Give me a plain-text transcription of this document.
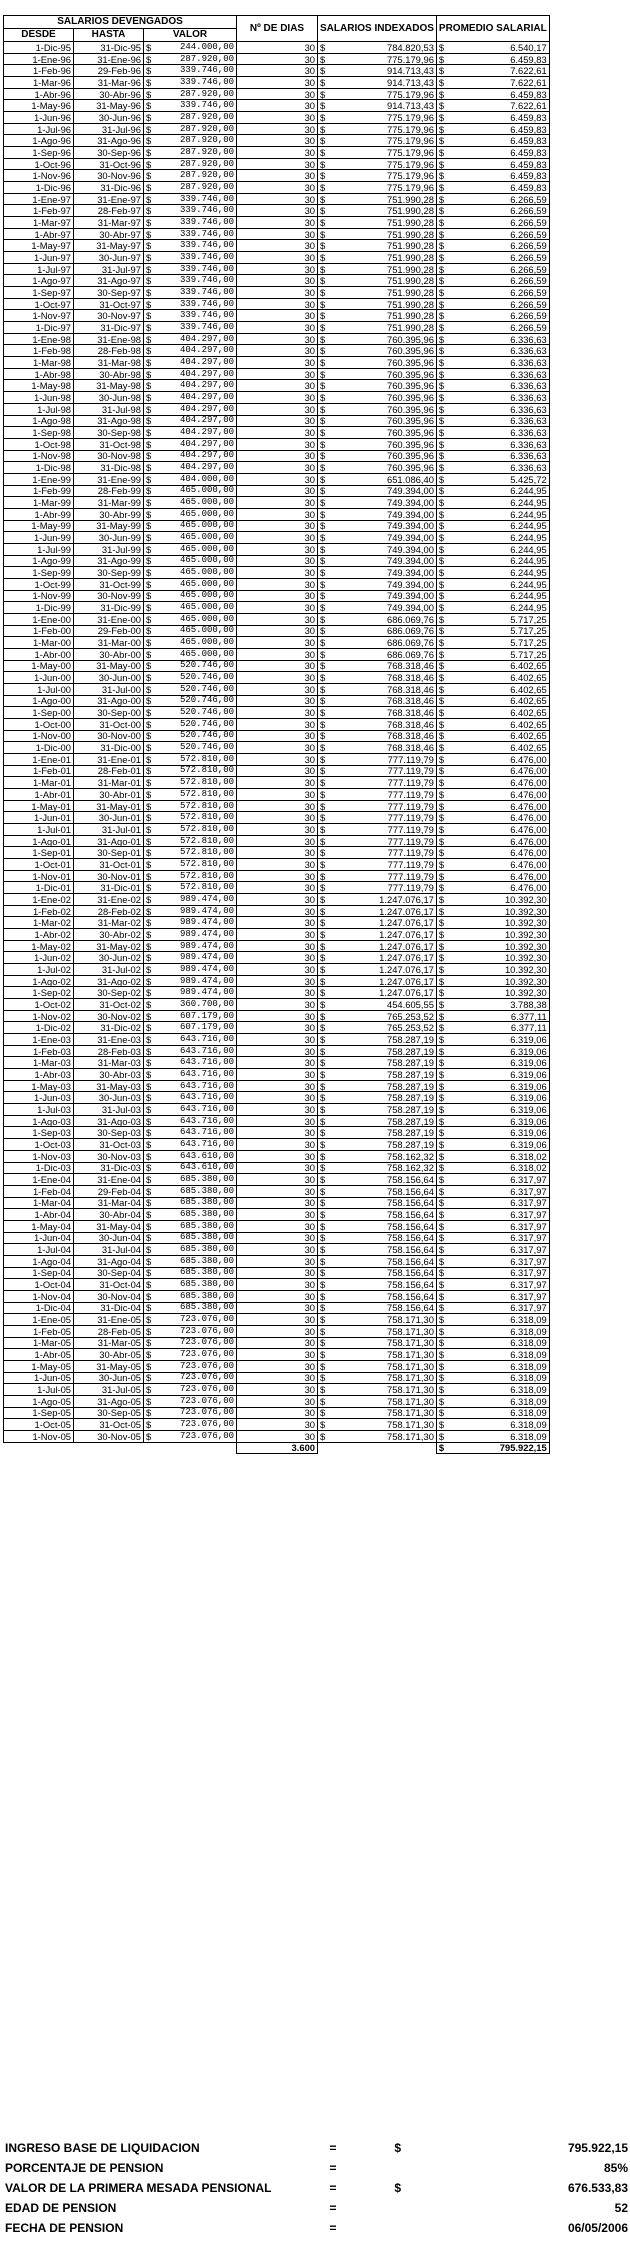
SALARIOS DEVENGADOS			Nº DE DIAS	SALARIOS INDEXADOS	PROMEDIO SALARIAL
DESDE	HASTA	VALOR			
1-Dic-95	31-Dic-95	$ 244.000,00	30	$ 784.820,53	$ 6.540,17

1-Ene-96	31-Ene-96	$ 287.920,00	30	$ 775.179,96	$ 6.459,83

1-Feb-96	29-Feb-96	$ 339.746,00	30	$ 914.713,43	$ 7.622,61

1-Mar-96	31-Mar-96	$ 339.746,00	30	$ 914.713,43	$ 7.622,61

1-Abr-96	30-Abr-96	$ 287.920,00	30	$ 775.179,96	$ 6.459,83

1-May-96	31-May-96	$ 339.746,00	30	$ 914.713,43	$ 7.622,61

1-Jun-96	30-Jun-96	$ 287.920,00	30	$ 775.179,96	$ 6.459,83

1-Jul-96	31-Jul-96	$ 287.920,00	30	$ 775.179,96	$ 6.459,83

1-Ago-96	31-Ago-96	$ 287.920,00	30	$ 775.179,96	$ 6.459,83

1-Sep-96	30-Sep-96	$ 287.920,00	30	$ 775.179,96	$ 6.459,83

1-Oct-96	31-Oct-96	$ 287.920,00	30	$ 775.179,96	$ 6.459,83

1-Nov-96	30-Nov-96	$ 287.920,00	30	$ 775.179,96	$ 6.459,83

1-Dic-96	31-Dic-96	$ 287.920,00	30	$ 775.179,96	$ 6.459,83

1-Ene-97	31-Ene-97	$ 339.746,00	30	$ 751.990,28	$ 6.266,59

1-Feb-97	28-Feb-97	$ 339.746,00	30	$ 751.990,28	$ 6.266,59

1-Mar-97	31-Mar-97	$ 339.746,00	30	$ 751.990,28	$ 6.266,59

1-Abr-97	30-Abr-97	$ 339.746,00	30	$ 751.990,28	$ 6.266,59

1-May-97	31-May-97	$ 339.746,00	30	$ 751.990,28	$ 6.266,59

1-Jun-97	30-Jun-97	$ 339.746,00	30	$ 751.990,28	$ 6.266,59

1-Jul-97	31-Jul-97	$ 339.746,00	30	$ 751.990,28	$ 6.266,59

1-Ago-97	31-Ago-97	$ 339.746,00	30	$ 751.990,28	$ 6.266,59

1-Sep-97	30-Sep-97	$ 339.746,00	30	$ 751.990,28	$ 6.266,59

1-Oct-97	31-Oct-97	$ 339.746,00	30	$ 751.990,28	$ 6.266,59

1-Nov-97	30-Nov-97	$ 339.746,00	30	$ 751.990,28	$ 6.266,59

1-Dic-97	31-Dic-97	$ 339.746,00	30	$ 751.990,28	$ 6.266,59

1-Ene-98	31-Ene-98	$ 404.297,00	30	$ 760.395,96	$ 6.336,63

1-Feb-98	28-Feb-98	$ 404.297,00	30	$ 760.395,96	$ 6.336,63

1-Mar-98	31-Mar-98	$ 404.297,00	30	$ 760.395,96	$ 6.336,63

1-Abr-98	30-Abr-98	$ 404.297,00	30	$ 760.395,96	$ 6.336,63

1-May-98	31-May-98	$ 404.297,00	30	$ 760.395,96	$ 6.336,63

1-Jun-98	30-Jun-98	$ 404.297,00	30	$ 760.395,96	$ 6.336,63

1-Jul-98	31-Jul-98	$ 404.297,00	30	$ 760.395,96	$ 6.336,63

1-Ago-98	31-Ago-98	$ 404.297,00	30	$ 760.395,96	$ 6.336,63

1-Sep-98	30-Sep-98	$ 404.297,00	30	$ 760.395,96	$ 6.336,63

1-Oct-98	31-Oct-98	$ 404.297,00	30	$ 760.395,96	$ 6.336,63

1-Nov-98	30-Nov-98	$ 404.297,00	30	$ 760.395,96	$ 6.336,63

1-Dic-98	31-Dic-98	$ 404.297,00	30	$ 760.395,96	$ 6.336,63

1-Ene-99	31-Ene-99	$ 404.000,00	30	$ 651.086,40	$ 5.425,72

1-Feb-99	28-Feb-99	$ 465.000,00	30	$ 749.394,00	$ 6.244,95

1-Mar-99	31-Mar-99	$ 465.000,00	30	$ 749.394,00	$ 6.244,95

1-Abr-99	30-Abr-99	$ 465.000,00	30	$ 749.394,00	$ 6.244,95

1-May-99	31-May-99	$ 465.000,00	30	$ 749.394,00	$ 6.244,95

1-Jun-99	30-Jun-99	$ 465.000,00	30	$ 749.394,00	$ 6.244,95

1-Jul-99	31-Jul-99	$ 465.000,00	30	$ 749.394,00	$ 6.244,95

1-Ago-99	31-Ago-99	$ 465.000,00	30	$ 749.394,00	$ 6.244,95

1-Sep-99	30-Sep-99	$ 465.000,00	30	$ 749.394,00	$ 6.244,95

1-Oct-99	31-Oct-99	$ 465.000,00	30	$ 749.394,00	$ 6.244,95

1-Nov-99	30-Nov-99	$ 465.000,00	30	$ 749.394,00	$ 6.244,95

1-Dic-99	31-Dic-99	$ 465.000,00	30	$ 749.394,00	$ 6.244,95

1-Ene-00	31-Ene-00	$ 465.000,00	30	$ 686.069,76	$ 5.717,25

1-Feb-00	29-Feb-00	$ 465.000,00	30	$ 686.069,76	$ 5.717,25

1-Mar-00	31-Mar-00	$ 465.000,00	30	$ 686.069,76	$ 5.717,25

1-Abr-00	30-Abr-00	$ 465.000,00	30	$ 686.069,76	$ 5.717,25

1-May-00	31-May-00	$ 520.746,00	30	$ 768.318,46	$ 6.402,65

1-Jun-00	30-Jun-00	$ 520.746,00	30	$ 768.318,46	$ 6.402,65

1-Jul-00	31-Jul-00	$ 520.746,00	30	$ 768.318,46	$ 6.402,65

1-Ago-00	31-Ago-00	$ 520.746,00	30	$ 768.318,46	$ 6.402,65

1-Sep-00	30-Sep-00	$ 520.746,00	30	$ 768.318,46	$ 6.402,65

1-Oct-00	31-Oct-00	$ 520.746,00	30	$ 768.318,46	$ 6.402,65

1-Nov-00	30-Nov-00	$ 520.746,00	30	$ 768.318,46	$ 6.402,65

1-Dic-00	31-Dic-00	$ 520.746,00	30	$ 768.318,46	$ 6.402,65

1-Ene-01	31-Ene-01	$ 572.810,00	30	$ 777.119,79	$ 6.476,00

1-Feb-01	28-Feb-01	$ 572.810,00	30	$ 777.119,79	$ 6.476,00

1-Mar-01	31-Mar-01	$ 572.810,00	30	$ 777.119,79	$ 6.476,00

1-Abr-01	30-Abr-01	$ 572.810,00	30	$ 777.119,79	$ 6.476,00

1-May-01	31-May-01	$ 572.810,00	30	$ 777.119,79	$ 6.476,00

1-Jun-01	30-Jun-01	$ 572.810,00	30	$ 777.119,79	$ 6.476,00

1-Jul-01	31-Jul-01	$ 572.810,00	30	$ 777.119,79	$ 6.476,00

1-Ago-01	31-Ago-01	$ 572.810,00	30	$ 777.119,79	$ 6.476,00

1-Sep-01	30-Sep-01	$ 572.810,00	30	$ 777.119,79	$ 6.476,00

1-Oct-01	31-Oct-01	$ 572.810,00	30	$ 777.119,79	$ 6.476,00

1-Nov-01	30-Nov-01	$ 572.810,00	30	$ 777.119,79	$ 6.476,00

1-Dic-01	31-Dic-01	$ 572.810,00	30	$ 777.119,79	$ 6.476,00

1-Ene-02	31-Ene-02	$ 989.474,00	30	$ 1.247.076,17	$ 10.392,30

1-Feb-02	28-Feb-02	$ 989.474,00	30	$ 1.247.076,17	$ 10.392,30

1-Mar-02	31-Mar-02	$ 989.474,00	30	$ 1.247.076,17	$ 10.392,30

1-Abr-02	30-Abr-02	$ 989.474,00	30	$ 1.247.076,17	$ 10.392,30

1-May-02	31-May-02	$ 989.474,00	30	$ 1.247.076,17	$ 10.392,30

1-Jun-02	30-Jun-02	$ 989.474,00	30	$ 1.247.076,17	$ 10.392,30

1-Jul-02	31-Jul-02	$ 989.474,00	30	$ 1.247.076,17	$ 10.392,30

1-Ago-02	31-Ago-02	$ 989.474,00	30	$ 1.247.076,17	$ 10.392,30

1-Sep-02	30-Sep-02	$ 989.474,00	30	$ 1.247.076,17	$ 10.392,30

1-Oct-02	31-Oct-02	$ 360.700,00	30	$ 454.605,55	$ 3.788,38

1-Nov-02	30-Nov-02	$ 607.179,00	30	$ 765.253,52	$ 6.377,11

1-Dic-02	31-Dic-02	$ 607.179,00	30	$ 765.253,52	$ 6.377,11

1-Ene-03	31-Ene-03	$ 643.716,00	30	$ 758.287,19	$ 6.319,06

1-Feb-03	28-Feb-03	$ 643.716,00	30	$ 758.287,19	$ 6.319,06

1-Mar-03	31-Mar-03	$ 643.716,00	30	$ 758.287,19	$ 6.319,06

1-Abr-03	30-Abr-03	$ 643.716,00	30	$ 758.287,19	$ 6.319,06

1-May-03	31-May-03	$ 643.716,00	30	$ 758.287,19	$ 6.319,06

1-Jun-03	30-Jun-03	$ 643.716,00	30	$ 758.287,19	$ 6.319,06

1-Jul-03	31-Jul-03	$ 643.716,00	30	$ 758.287,19	$ 6.319,06

1-Ago-03	31-Ago-03	$ 643.716,00	30	$ 758.287,19	$ 6.319,06

1-Sep-03	30-Sep-03	$ 643.716,00	30	$ 758.287,19	$ 6.319,06

1-Oct-03	31-Oct-03	$ 643.716,00	30	$ 758.287,19	$ 6.319,06

1-Nov-03	30-Nov-03	$ 643.610,00	30	$ 758.162,32	$ 6.318,02

1-Dic-03	31-Dic-03	$ 643.610,00	30	$ 758.162,32	$ 6.318,02

1-Ene-04	31-Ene-04	$ 685.380,00	30	$ 758.156,64	$ 6.317,97

1-Feb-04	29-Feb-04	$ 685.380,00	30	$ 758.156,64	$ 6.317,97

1-Mar-04	31-Mar-04	$ 685.380,00	30	$ 758.156,64	$ 6.317,97

1-Abr-04	30-Abr-04	$ 685.380,00	30	$ 758.156,64	$ 6.317,97

1-May-04	31-May-04	$ 685.380,00	30	$ 758.156,64	$ 6.317,97

1-Jun-04	30-Jun-04	$ 685.380,00	30	$ 758.156,64	$ 6.317,97

1-Jul-04	31-Jul-04	$ 685.380,00	30	$ 758.156,64	$ 6.317,97

1-Ago-04	31-Ago-04	$ 685.380,00	30	$ 758.156,64	$ 6.317,97

1-Sep-04	30-Sep-04	$ 685.380,00	30	$ 758.156,64	$ 6.317,97

1-Oct-04	31-Oct-04	$ 685.380,00	30	$ 758.156,64	$ 6.317,97

1-Nov-04	30-Nov-04	$ 685.380,00	30	$ 758.156,64	$ 6.317,97

1-Dic-04	31-Dic-04	$ 685.380,00	30	$ 758.156,64	$ 6.317,97

1-Ene-05	31-Ene-05	$ 723.076,00	30	$ 758.171,30	$ 6.318,09

1-Feb-05	28-Feb-05	$ 723.076,00	30	$ 758.171,30	$ 6.318,09

1-Mar-05	31-Mar-05	$ 723.076,00	30	$ 758.171,30	$ 6.318,09

1-Abr-05	30-Abr-05	$ 723.076,00	30	$ 758.171,30	$ 6.318,09

1-May-05	31-May-05	$ 723.076,00	30	$ 758.171,30	$ 6.318,09

1-Jun-05	30-Jun-05	$ 723.076,00	30	$ 758.171,30	$ 6.318,09

1-Jul-05	31-Jul-05	$ 723.076,00	30	$ 758.171,30	$ 6.318,09

1-Ago-05	31-Ago-05	$ 723.076,00	30	$ 758.171,30	$ 6.318,09

1-Sep-05	30-Sep-05	$ 723.076,00	30	$ 758.171,30	$ 6.318,09

1-Oct-05	31-Oct-05	$ 723.076,00	30	$ 758.171,30	$ 6.318,09

1-Nov-05	30-Nov-05	$ 723.076,00	30	$ 758.171,30	$ 6.318,09

			3.600		$ 795.922,15
INGRESO BASE DE LIQUIDACION	=	$	795.922,15
PORCENTAJE DE PENSION	=		85%
VALOR DE LA PRIMERA MESADA PENSIONAL	=	$	676.533,83
EDAD DE PENSION	=		52
FECHA DE PENSION	=		06/05/2006
